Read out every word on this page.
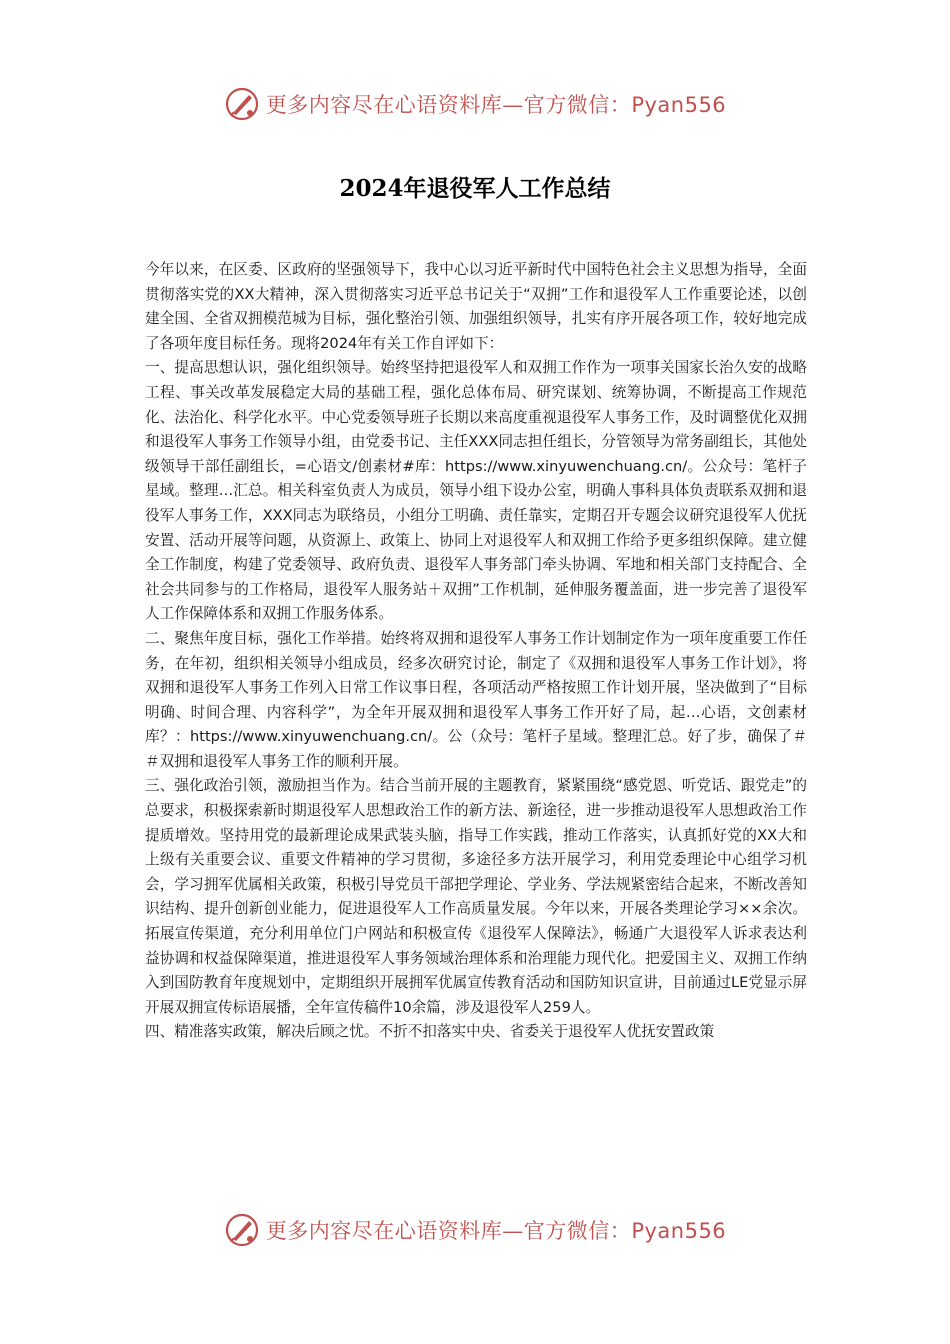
更多内容尽在心语资料库—官方微信：Pyan556
2024年退役军人工作总结

今年以来，在区委、区政府的坚强领导下，我中心以习近平新时代中国特色社会主义思想为指导，全面贯彻落实党的XX大精神，深入贯彻落实习近平总书记关于“双拥”工作和退役军人工作重要论述，以创建全国、全省双拥模范城为目标，强化整治引领、加强组织领导，扎实有序开展各项工作，较好地完成了各项年度目标任务。现将2024年有关工作自评如下：

一、提高思想认识，强化组织领导。始终坚持把退役军人和双拥工作作为一项事关国家长治久安的战略工程、事关改革发展稳定大局的基础工程，强化总体布局、研究谋划、统筹协调，不断提高工作规范化、法治化、科学化水平。中心党委领导班子长期以来高度重视退役军人事务工作，及时调整优化双拥和退役军人事务工作领导小组，由党委书记、主任XXX同志担任组长，分管领导为常务副组长，其他处级领导干部任副组长，=心语文/创素材#库：https://www.xinyuwenchuang.cn/。公众号：笔杆子星域。整理…汇总。相关科室负责人为成员，领导小组下设办公室，明确人事科具体负责联系双拥和退役军人事务工作，XXX同志为联络员，小组分工明确、责任靠实，定期召开专题会议研究退役军人优抚安置、活动开展等问题，从资源上、政策上、协同上对退役军人和双拥工作给予更多组织保障。建立健全工作制度，构建了党委领导、政府负责、退役军人事务部门牵头协调、军地和相关部门支持配合、全社会共同参与的工作格局，退役军人服务站＋双拥”工作机制，延伸服务覆盖面，进一步完善了退役军人工作保障体系和双拥工作服务体系。

二、聚焦年度目标，强化工作举措。始终将双拥和退役军人事务工作计划制定作为一项年度重要工作任务，在年初，组织相关领导小组成员，经多次研究讨论，制定了《双拥和退役军人事务工作计划》，将双拥和退役军人事务工作列入日常工作议事日程，各项活动严格按照工作计划开展，坚决做到了“目标明确、时间合理、内容科学”，为全年开展双拥和退役军人事务工作开好了局，起…心语，文创素材库？：https://www.xinyuwenchuang.cn/。公（众号：笔杆子星域。整理汇总。好了步，确保了＃＃双拥和退役军人事务工作的顺利开展。

三、强化政治引领，激励担当作为。结合当前开展的主题教育，紧紧围绕“感党恩、听党话、跟党走”的总要求，积极探索新时期退役军人思想政治工作的新方法、新途径，进一步推动退役军人思想政治工作提质增效。坚持用党的最新理论成果武装头脑，指导工作实践，推动工作落实，认真抓好党的XX大和上级有关重要会议、重要文件精神的学习贯彻，多途径多方法开展学习，利用党委理论中心组学习机会，学习拥军优属相关政策，积极引导党员干部把学理论、学业务、学法规紧密结合起来，不断改善知识结构、提升创新创业能力，促进退役军人工作高质量发展。今年以来，开展各类理论学习××余次。拓展宣传渠道，充分利用单位门户网站和积极宣传《退役军人保障法》，畅通广大退役军人诉求表达利益协调和权益保障渠道，推进退役军人事务领域治理体系和治理能力现代化。把爱国主义、双拥工作纳入到国防教育年度规划中，定期组织开展拥军优属宣传教育活动和国防知识宣讲，目前通过LE党显示屏开展双拥宣传标语展播，全年宣传稿件10余篇，涉及退役军人259人。

四、精准落实政策，解决后顾之忧。不折不扣落实中央、省委关于退役军人优抚安置政策

更多内容尽在心语资料库—官方微信：Pyan556
